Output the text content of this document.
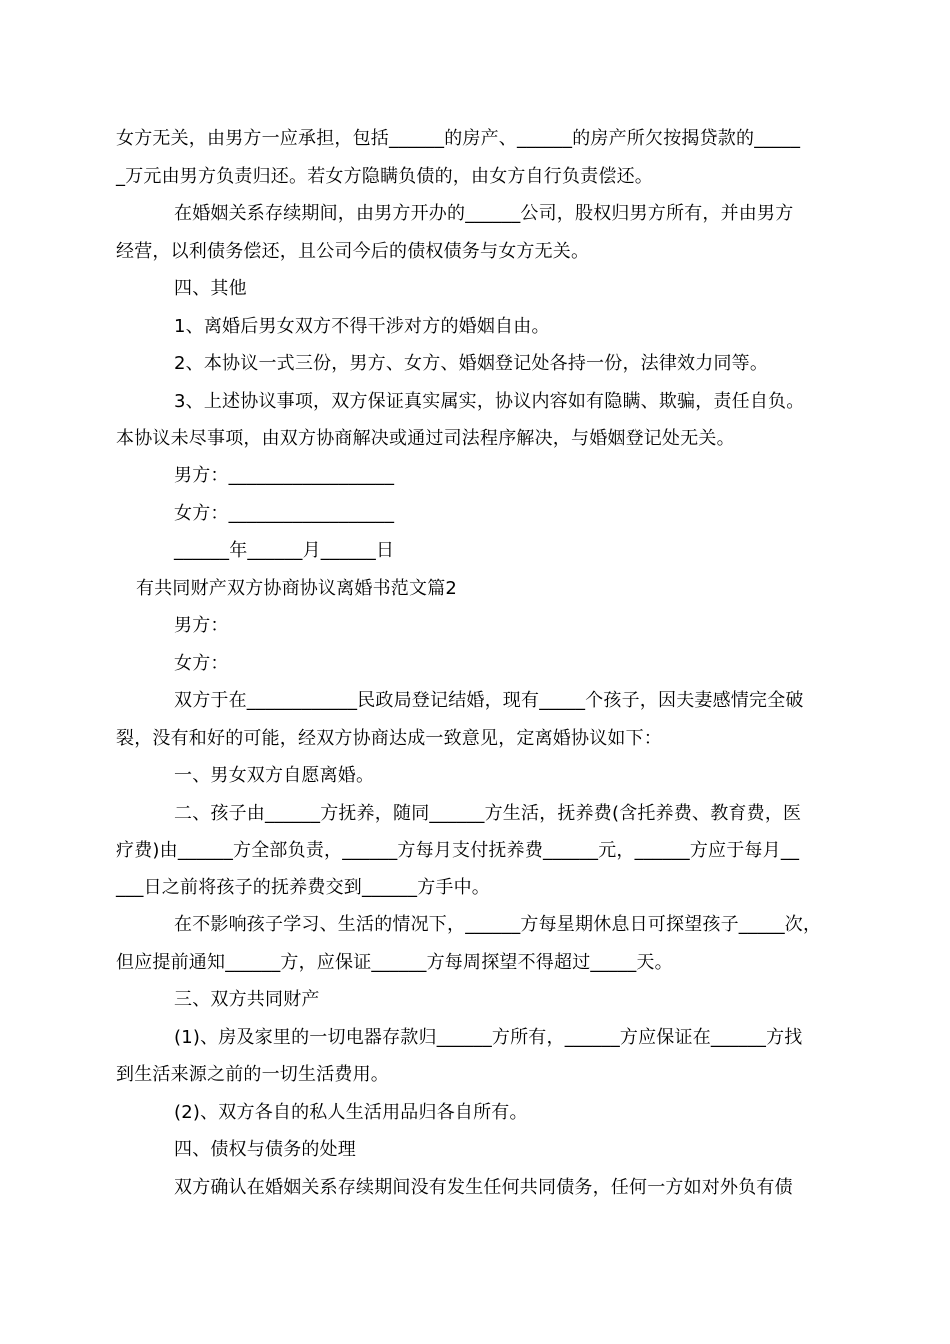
女方无关，由男方一应承担，包括______的房产、______的房产所欠按揭贷款的_____
_万元由男方负责归还。若女方隐瞒负债的，由女方自行负责偿还。
在婚姻关系存续期间，由男方开办的______公司，股权归男方所有，并由男方
经营，以利债务偿还，且公司今后的债权债务与女方无关。
四、其他
1、离婚后男女双方不得干涉对方的婚姻自由。
2、本协议一式三份，男方、女方、婚姻登记处各持一份，法律效力同等。
3、上述协议事项，双方保证真实属实，协议内容如有隐瞒、欺骗，责任自负。
本协议未尽事项，由双方协商解决或通过司法程序解决，与婚姻登记处无关。
男方：__________________
女方：__________________
______年______月______日
有共同财产双方协商协议离婚书范文篇2
男方：
女方：
双方于在____________民政局登记结婚，现有_____个孩子，因夫妻感情完全破
裂，没有和好的可能，经双方协商达成一致意见，定离婚协议如下：
一、男女双方自愿离婚。
二、孩子由______方抚养，随同______方生活，抚养费(含托养费、教育费，医
疗费)由______方全部负责，______方每月支付抚养费______元，______方应于每月__
___日之前将孩子的抚养费交到______方手中。
在不影响孩子学习、生活的情况下，______方每星期休息日可探望孩子_____次，
但应提前通知______方，应保证______方每周探望不得超过_____天。
三、双方共同财产
(1)、房及家里的一切电器存款归______方所有，______方应保证在______方找
到生活来源之前的一切生活费用。
(2)、双方各自的私人生活用品归各自所有。
四、债权与债务的处理
双方确认在婚姻关系存续期间没有发生任何共同债务，任何一方如对外负有债
